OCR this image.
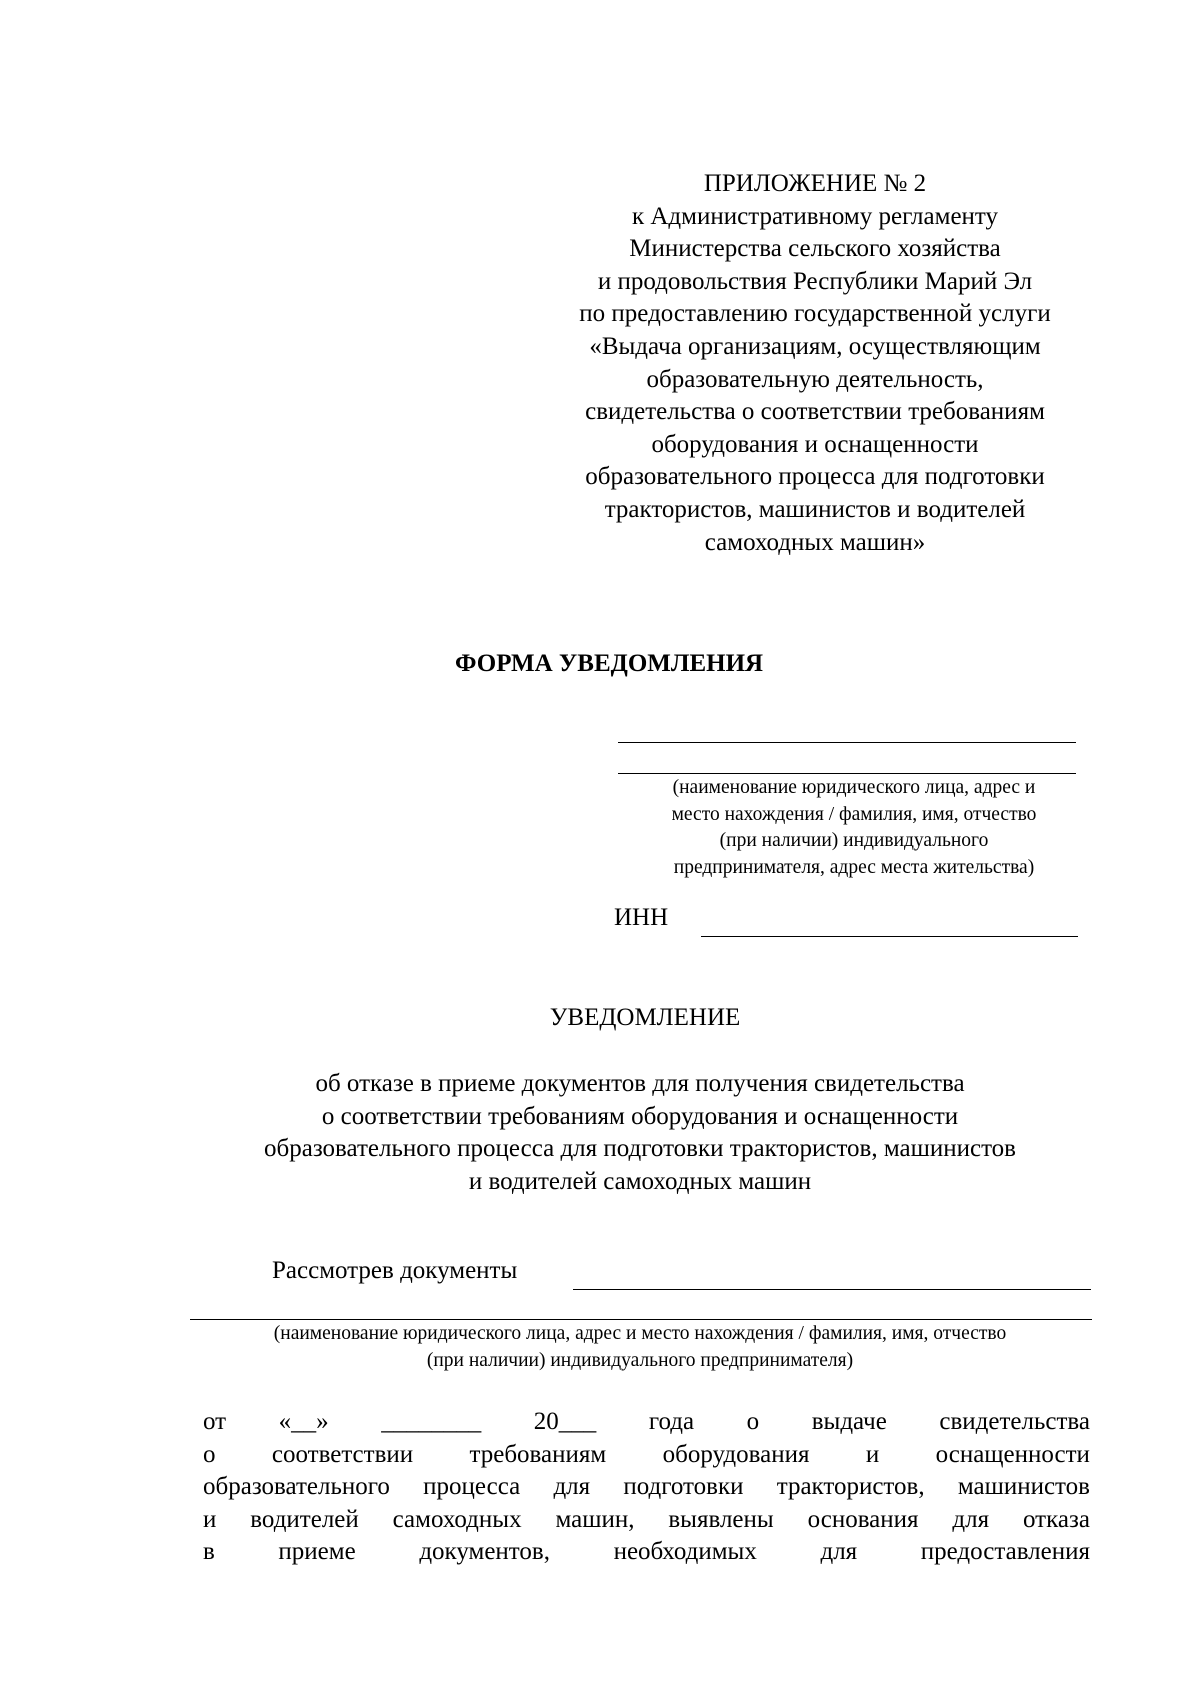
ПРИЛОЖЕНИЕ № 2
к Административному регламенту
Министерства сельского хозяйства
и продовольствия Республики Марий Эл
по предоставлению государственной услуги
«Выдача организациям, осуществляющим
образовательную деятельность,
свидетельства о соответствии требованиям
оборудования и оснащенности
образовательного процесса для подготовки
трактористов, машинистов и водителей
самоходных машин»
ФОРМА УВЕДОМЛЕНИЯ
(наименование юридического лица, адрес и
место нахождения / фамилия, имя, отчество
(при наличии) индивидуального
предпринимателя, адрес места жительства)
ИНН
УВЕДОМЛЕНИЕ
об отказе в приеме документов для получения свидетельства
о соответствии требованиям оборудования и оснащенности
образовательного процесса для подготовки трактористов, машинистов
и водителей самоходных машин
Рассмотрев документы
(наименование юридического лица, адрес и место нахождения / фамилия, имя, отчество
(при наличии) индивидуального предпринимателя)
от «__» ________ 20___ года о выдаче свидетельства
о соответствии требованиям оборудования и оснащенности
образовательного процесса для подготовки трактористов, машинистов
и водителей самоходных машин, выявлены основания для отказа
в	приеме	документов,	необходимых	для	предоставления
